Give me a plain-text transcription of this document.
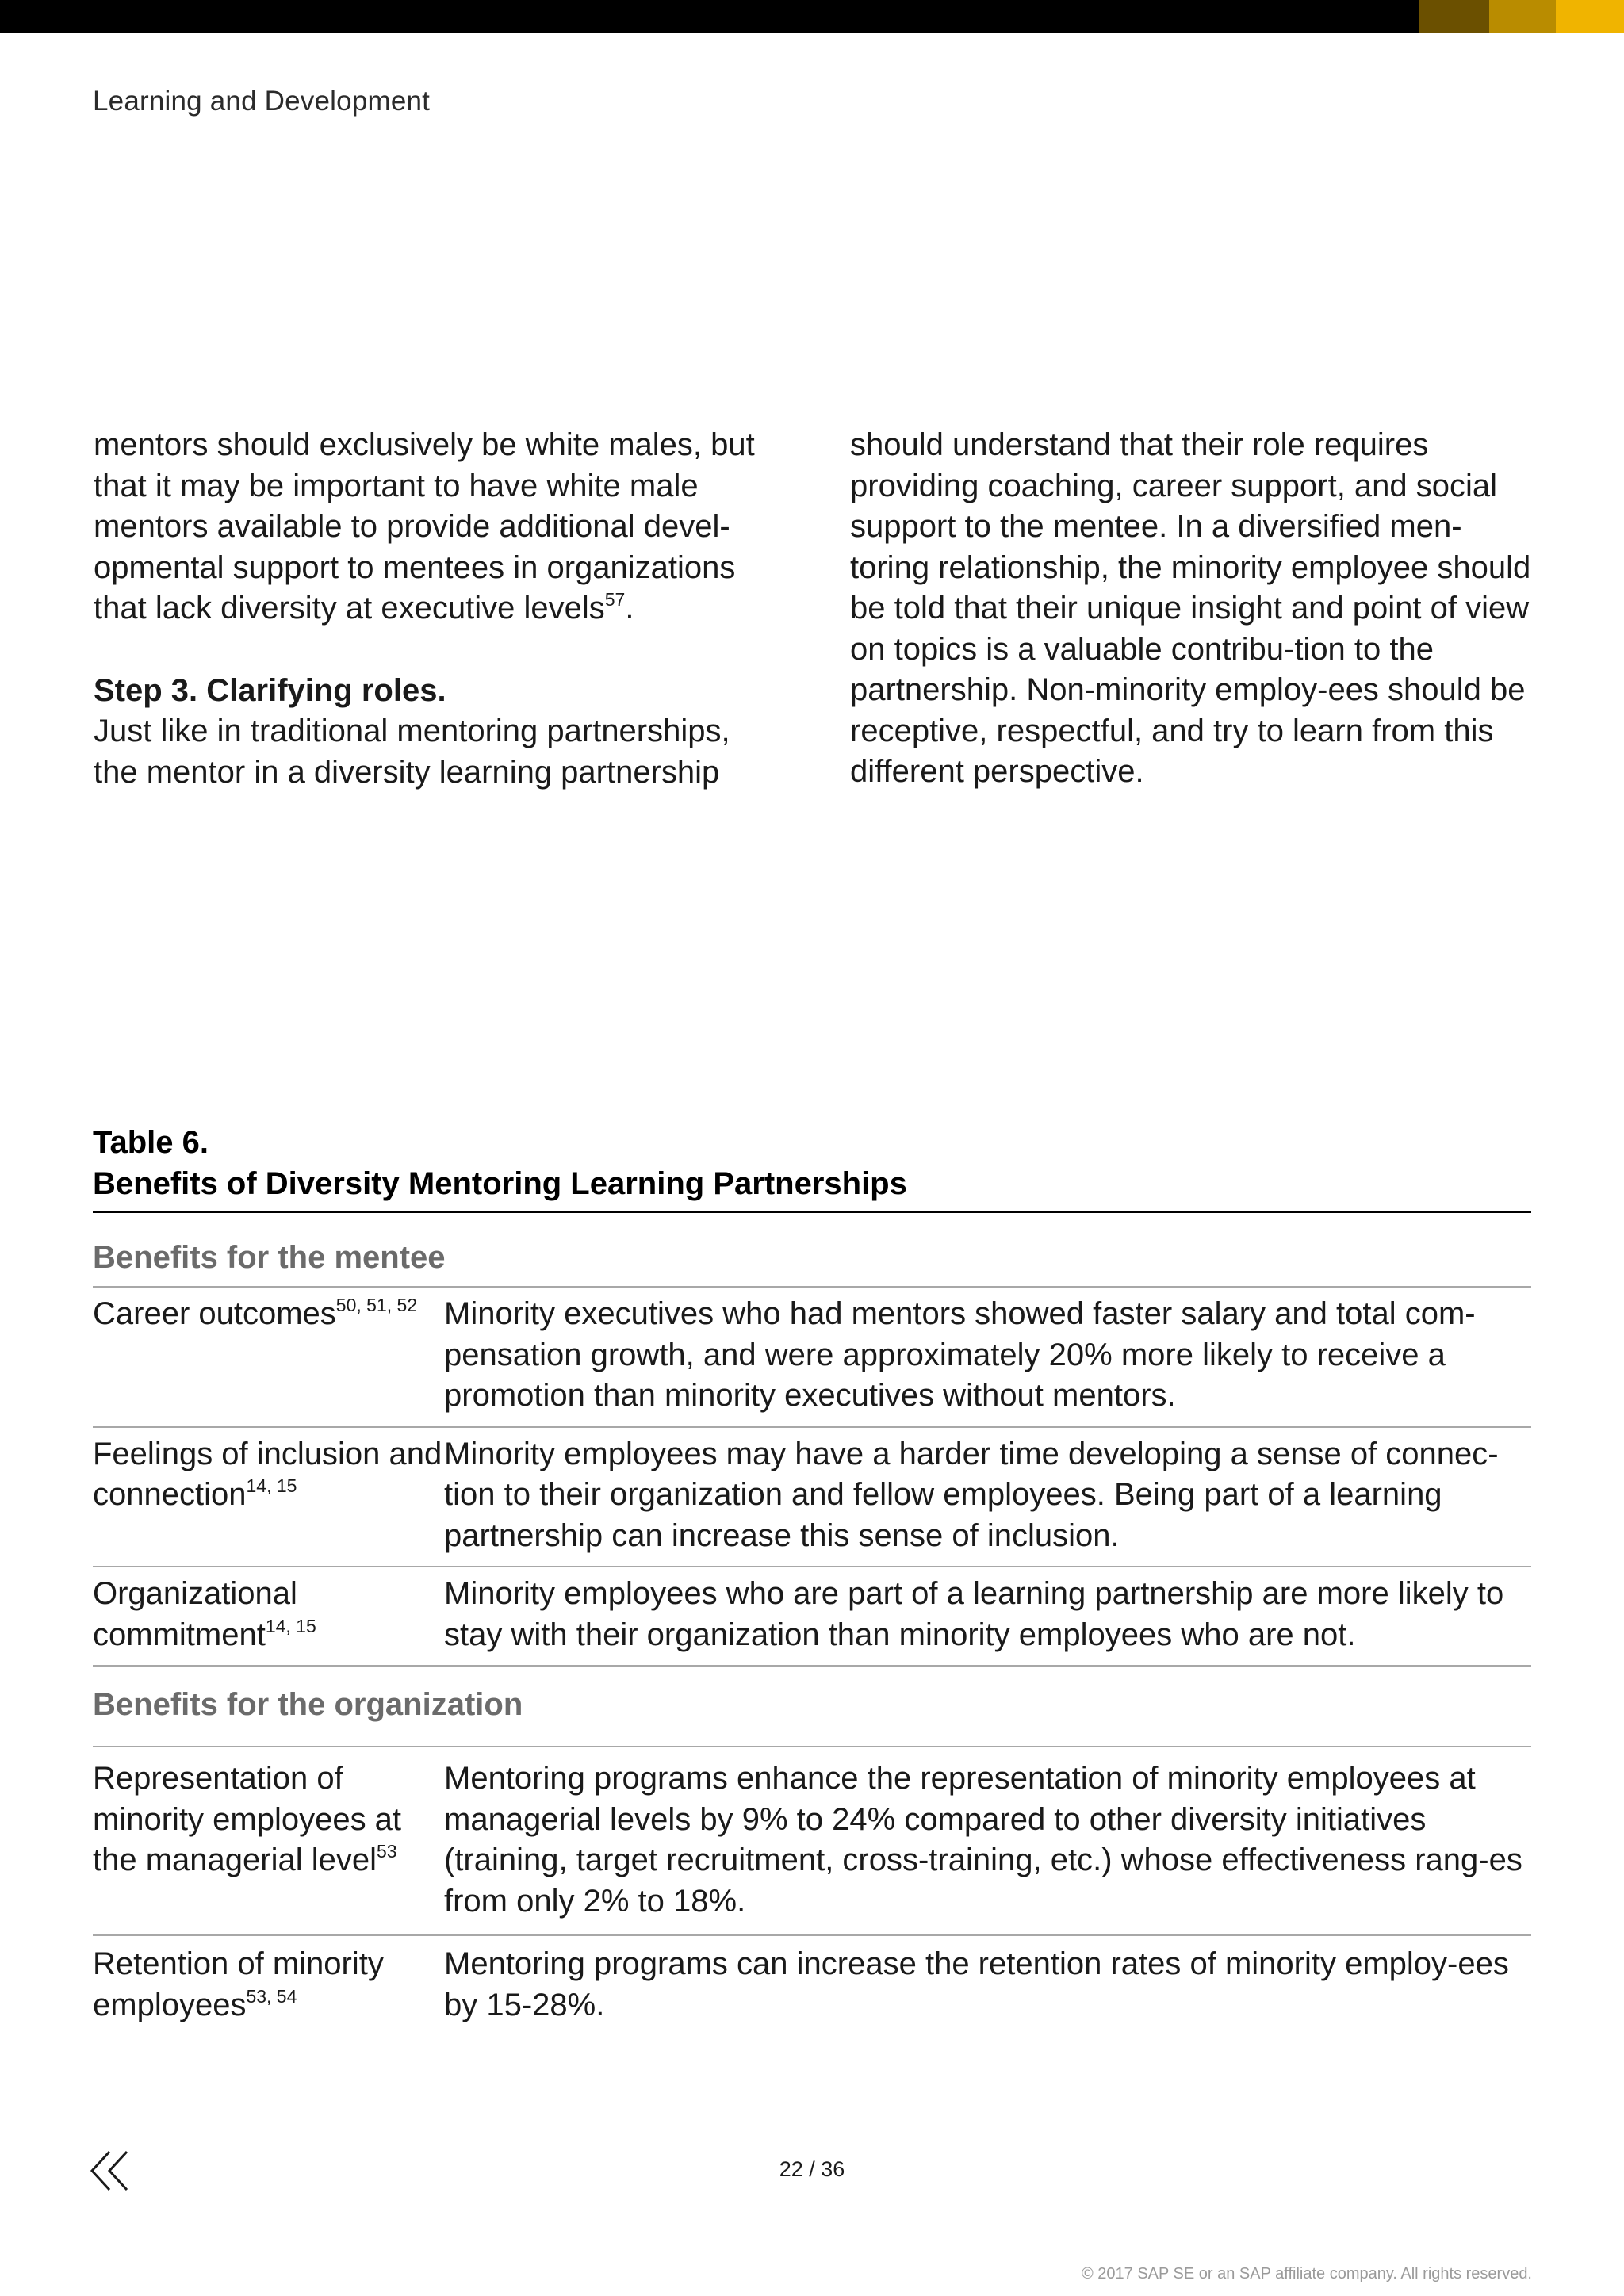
Learning and Development

mentors should exclusively be white males, but that it may be important to have white male mentors available to provide additional devel-opmental support to mentees in organizations that lack diversity at executive levels$^{57}$.

Step 3. Clarifying roles.
Just like in traditional mentoring partnerships, the mentor in a diversity learning partnership

should understand that their role requires providing coaching, career support, and social support to the mentee. In a diversified men-toring relationship, the minority employee should be told that their unique insight and point of view on topics is a valuable contribu-tion to the partnership. Non-minority employ-ees should be receptive, respectful, and try to learn from this different perspective.

Table 6.
Benefits of Diversity Mentoring Learning Partnerships
Benefits for the mentee
Career outcomes$^{50, 51, 52}$ Minority executives who had mentors showed faster salary and total com-pensation growth, and were approximately 20% more likely to receive a promotion than minority executives without mentors.
Feelings of inclusion and connection$^{14, 15}$
Minority employees may have a harder time developing a sense of connec-tion to their organization and fellow employees. Being part of a learning partnership can increase this sense of inclusion.
Organizational commitment$^{14, 15}$
Minority employees who are part of a learning partnership are more likely to stay with their organization than minority employees who are not.
Benefits for the organization
Representation of minority employees at the managerial level$^{53}$
Mentoring programs enhance the representation of minority employees at managerial levels by 9% to 24% compared to other diversity initiatives (training, target recruitment, cross-training, etc.) whose effectiveness rang-es from only 2% to 18%.
Retention of minority employees$^{53, 54}$
Mentoring programs can increase the retention rates of minority employ-ees by 15-28%.
22 / 36
© 2017 SAP SE or an SAP affiliate company. All rights reserved.
